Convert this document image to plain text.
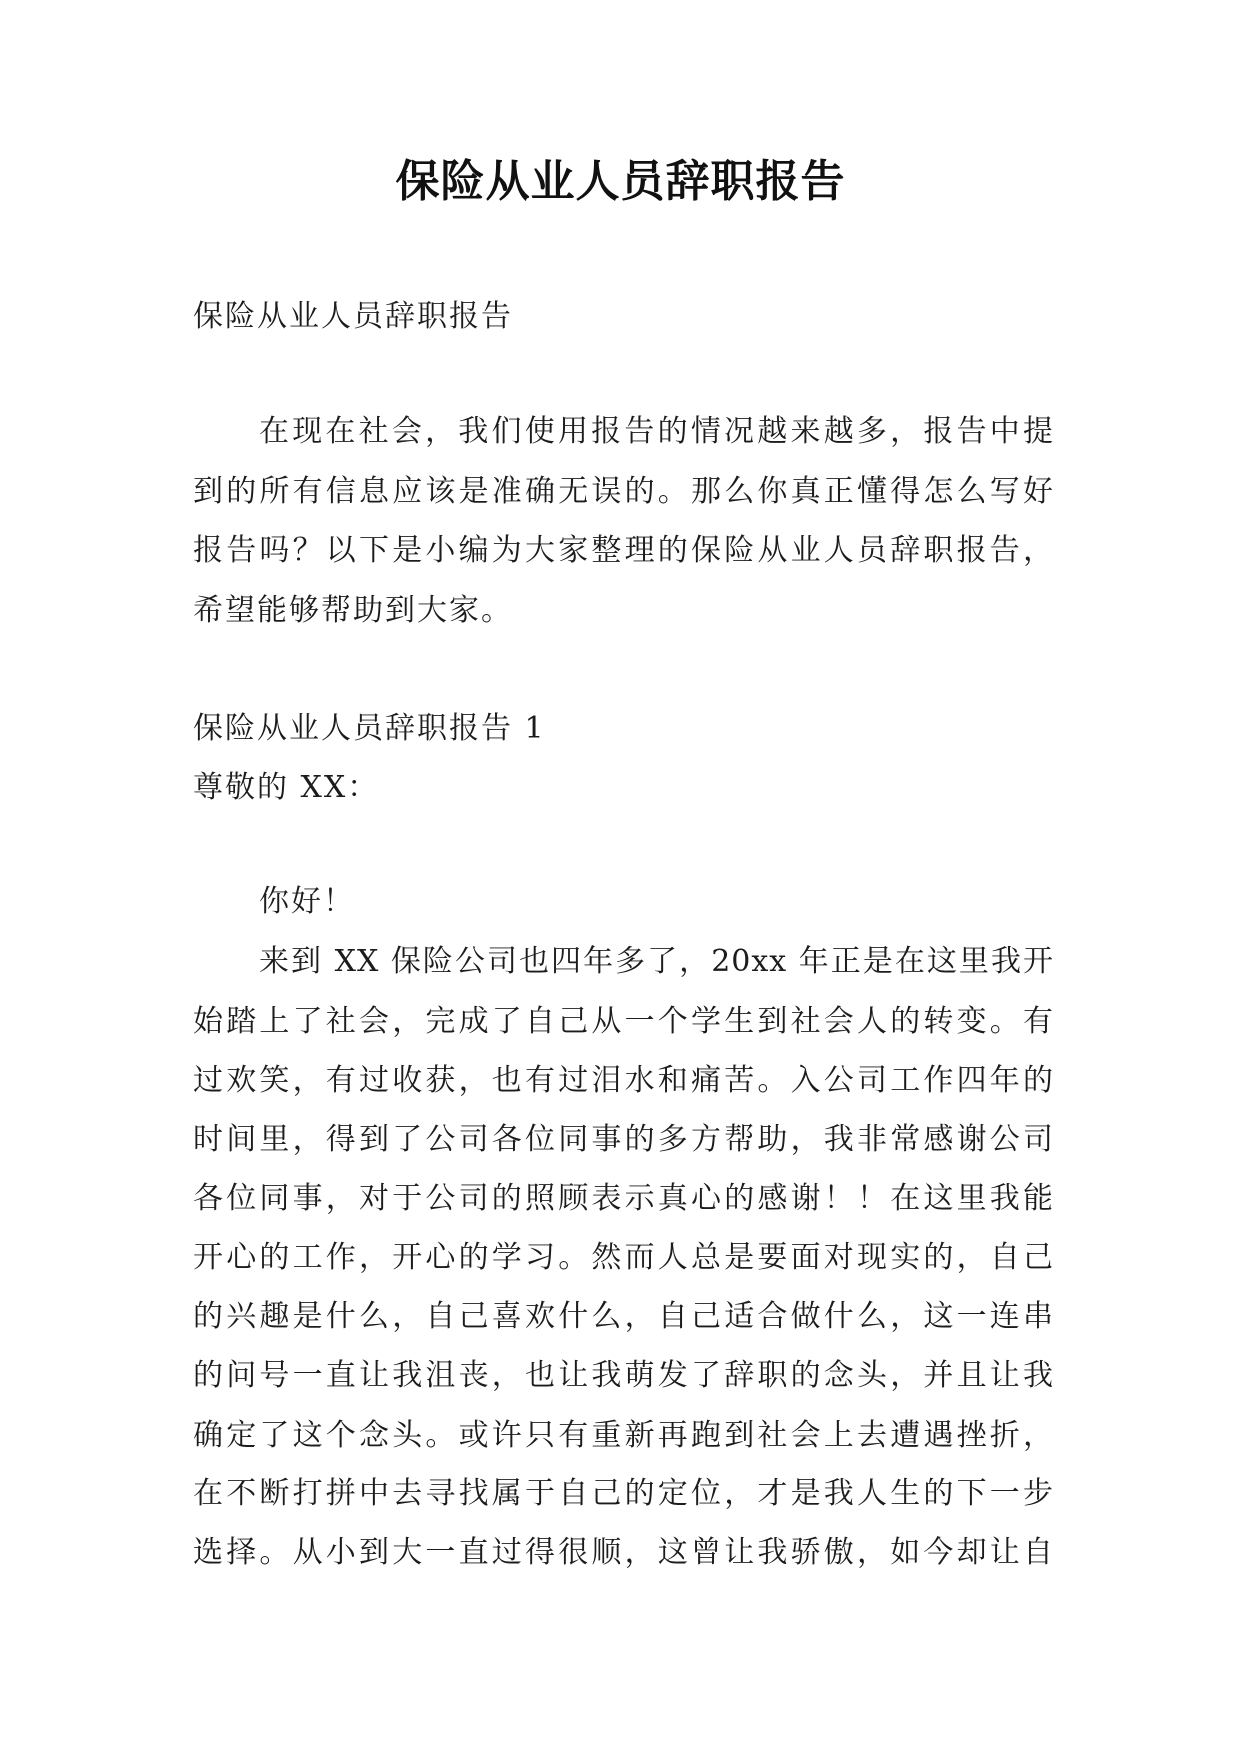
保险从业人员辞职报告
保险从业人员辞职报告
在现在社会，我们使用报告的情况越来越多，报告中提
到的所有信息应该是准确无误的。那么你真正懂得怎么写好
报告吗？以下是小编为大家整理的保险从业人员辞职报告，
希望能够帮助到大家。
保险从业人员辞职报告 1
尊敬的 XX：
你好！
来到 XX 保险公司也四年多了，20xx 年正是在这里我开
始踏上了社会，完成了自己从一个学生到社会人的转变。有
过欢笑，有过收获，也有过泪水和痛苦。入公司工作四年的
时间里，得到了公司各位同事的多方帮助，我非常感谢公司
各位同事，对于公司的照顾表示真心的感谢！！在这里我能
开心的工作，开心的学习。然而人总是要面对现实的，自己
的兴趣是什么，自己喜欢什么，自己适合做什么，这一连串
的问号一直让我沮丧，也让我萌发了辞职的念头，并且让我
确定了这个念头。或许只有重新再跑到社会上去遭遇挫折，
在不断打拼中去寻找属于自己的定位，才是我人生的下一步
选择。从小到大一直过得很顺，这曾让我骄傲，如今却让自
